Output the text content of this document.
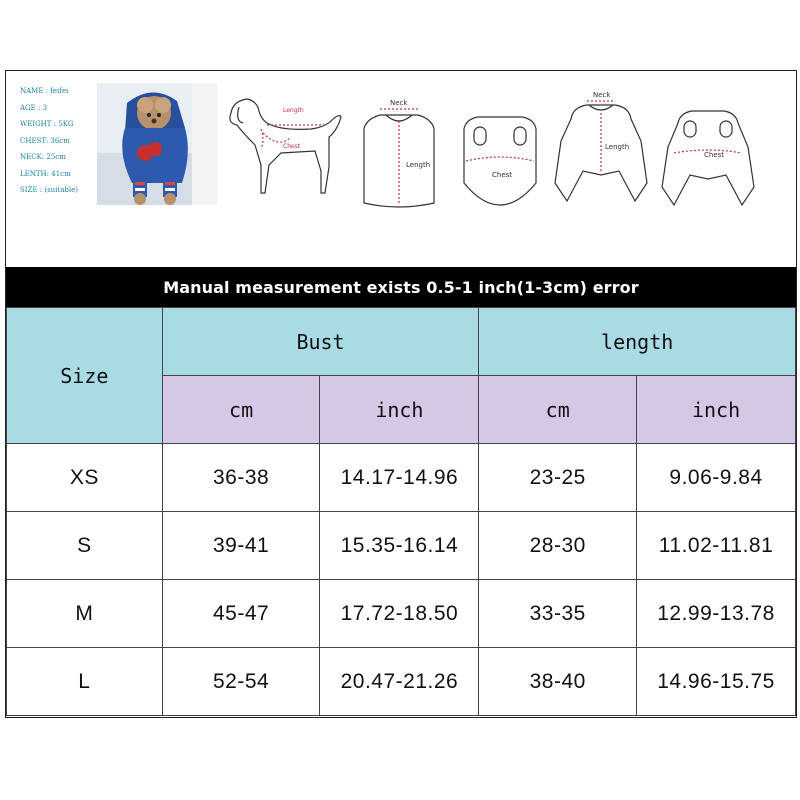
NAME : feifei
AGE : 3
WEIGHT : 5KG
CHEST: 36cm
NECK: 25cm
LENTH: 41cm
SIZE : (suitable)
Length
Chest
Neck
Length
Chest
Neck
Length
Chest
Manual measurement exists 0.5-1 inch(1-3cm) error
Size	Bust		length	
	cm	inch	cm	inch
XS	36-38	14.17-14.96	23-25	9.06-9.84
S	39-41	15.35-16.14	28-30	11.02-11.81
M	45-47	17.72-18.50	33-35	12.99-13.78
L	52-54	20.47-21.26	38-40	14.96-15.75
